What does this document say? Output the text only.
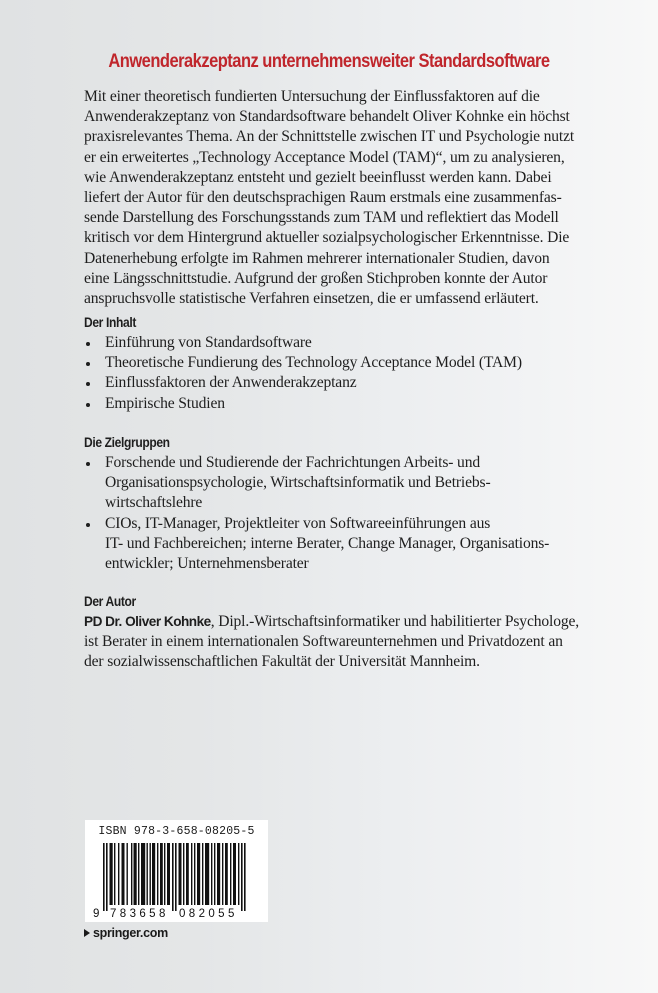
Anwenderakzeptanz unternehmensweiter Standardsoftware

Mit einer theoretisch fundierten Untersuchung der Einflussfaktoren auf die
Anwenderakzeptanz von Standardsoftware behandelt Oliver Kohnke ein höchst
praxisrelevantes Thema. An der Schnittstelle zwischen IT und Psychologie nutzt
er ein erweitertes „Technology Acceptance Model (TAM)“, um zu analysieren,
wie Anwenderakzeptanz entsteht und gezielt beeinflusst werden kann. Dabei
liefert der Autor für den deutschsprachigen Raum erstmals eine zusammenfas-
sende Darstellung des Forschungsstands zum TAM und reflektiert das Modell
kritisch vor dem Hintergrund aktueller sozialpsychologischer Erkenntnisse. Die
Datenerhebung erfolgte im Rahmen mehrerer internationaler Studien, davon
eine Längsschnittstudie. Aufgrund der großen Stichproben konnte der Autor
anspruchsvolle statistische Verfahren einsetzen, die er umfassend erläutert.

Der Inhalt
Einführung von Standardsoftware
Theoretische Fundierung des Technology Acceptance Model (TAM)
Einflussfaktoren der Anwenderakzeptanz
Empirische Studien
Die Zielgruppen
Forschende und Studierende der Fachrichtungen Arbeits- und
Organisationspsychologie, Wirtschaftsinformatik und Betriebs-
wirtschaftslehre
CIOs, IT-Manager, Projektleiter von Softwareeinführungen aus
IT- und Fachbereichen; interne Berater, Change Manager, Organisations-
entwickler; Unternehmensberater
Der Autor

PD Dr. Oliver Kohnke, Dipl.-Wirtschaftsinformatiker und habilitierter Psychologe,
ist Berater in einem internationalen Softwareunternehmen und Privatdozent an
der sozialwissenschaftlichen Fakultät der Universität Mannheim.

ISBN 978-3-658-08205-5
9 783658 082055
springer.com
